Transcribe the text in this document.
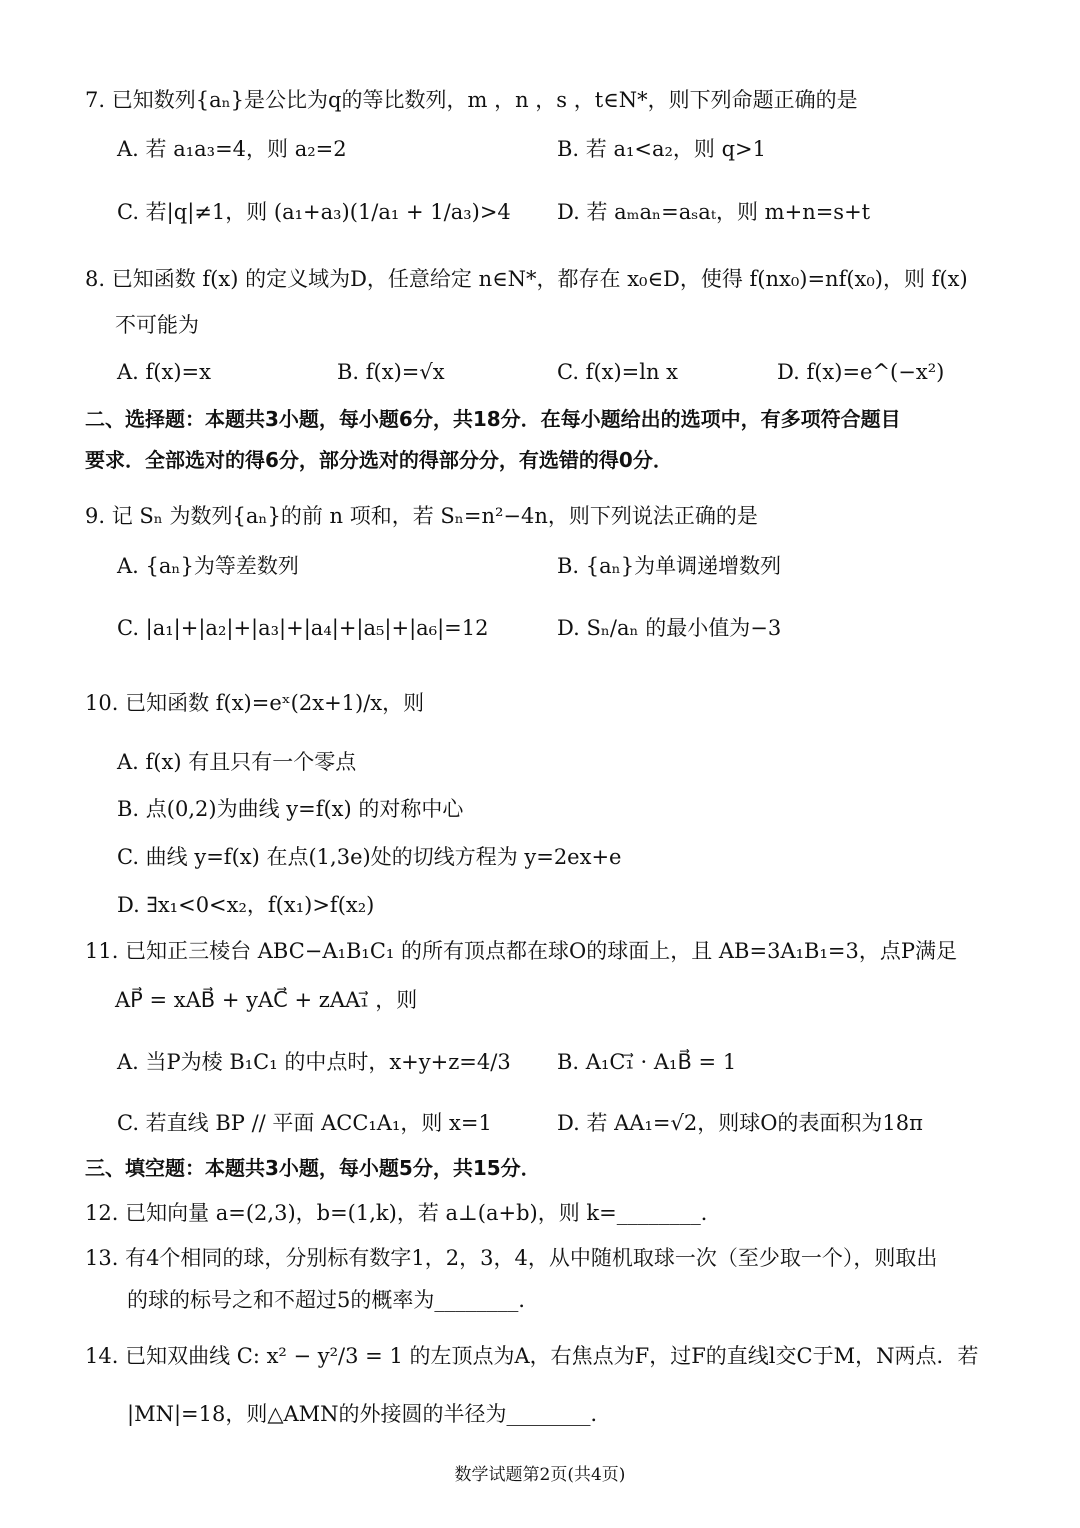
7. 已知数列{aₙ}是公比为q的等比数列，m ，n ，s ，t∈N*，则下列命题正确的是
A. 若 a₁a₃=4，则 a₂=2	B. 若 a₁<a₂，则 q>1
C. 若|q|≠1，则 (a₁+a₃)(1/a₁ + 1/a₃)>4 D. 若 aₘaₙ=aₛaₜ，则 m+n=s+t
8. 已知函数 f(x) 的定义域为D，任意给定 n∈N*，都存在 x₀∈D，使得 f(nx₀)=nf(x₀)，则 f(x)
不可能为
A. f(x)=x	B. f(x)=√x	C. f(x)=ln x	D. f(x)=e^(−x²)
二、选择题：本题共3小题，每小题6分，共18分．在每小题给出的选项中，有多项符合题目
要求．全部选对的得6分，部分选对的得部分分，有选错的得0分．
9. 记 Sₙ 为数列{aₙ}的前 n 项和，若 Sₙ=n²−4n，则下列说法正确的是
A. {aₙ}为等差数列	B. {aₙ}为单调递增数列
C. |a₁|+|a₂|+|a₃|+|a₄|+|a₅|+|a₆|=12	D. Sₙ/aₙ 的最小值为−3
10. 已知函数 f(x)=eˣ(2x+1)/x，则
A. f(x) 有且只有一个零点
B. 点(0,2)为曲线 y=f(x) 的对称中心
C. 曲线 y=f(x) 在点(1,3e)处的切线方程为 y=2ex+e
D. ∃x₁<0<x₂，f(x₁)>f(x₂)
11. 已知正三棱台 ABC−A₁B₁C₁ 的所有顶点都在球O的球面上，且 AB=3A₁B₁=3，点P满足
AP⃗ = xAB⃗ + yAC⃗ + zAA₁⃗ ，则
A. 当P为棱 B₁C₁ 的中点时，x+y+z=4/3 B. A₁C₁⃗ · A₁B⃗ = 1
C. 若直线 BP // 平面 ACC₁A₁，则 x=1	D. 若 AA₁=√2，则球O的表面积为18π
三、填空题：本题共3小题，每小题5分，共15分．
12. 已知向量 a=(2,3)，b=(1,k)，若 a⊥(a+b)，则 k=________．
13. 有4个相同的球，分别标有数字1，2，3，4，从中随机取球一次（至少取一个），则取出
的球的标号之和不超过5的概率为________．
14. 已知双曲线 C: x² − y²/3 = 1 的左顶点为A，右焦点为F，过F的直线l交C于M，N两点．若
|MN|=18，则△AMN的外接圆的半径为________．
数学试题第2页(共4页)
